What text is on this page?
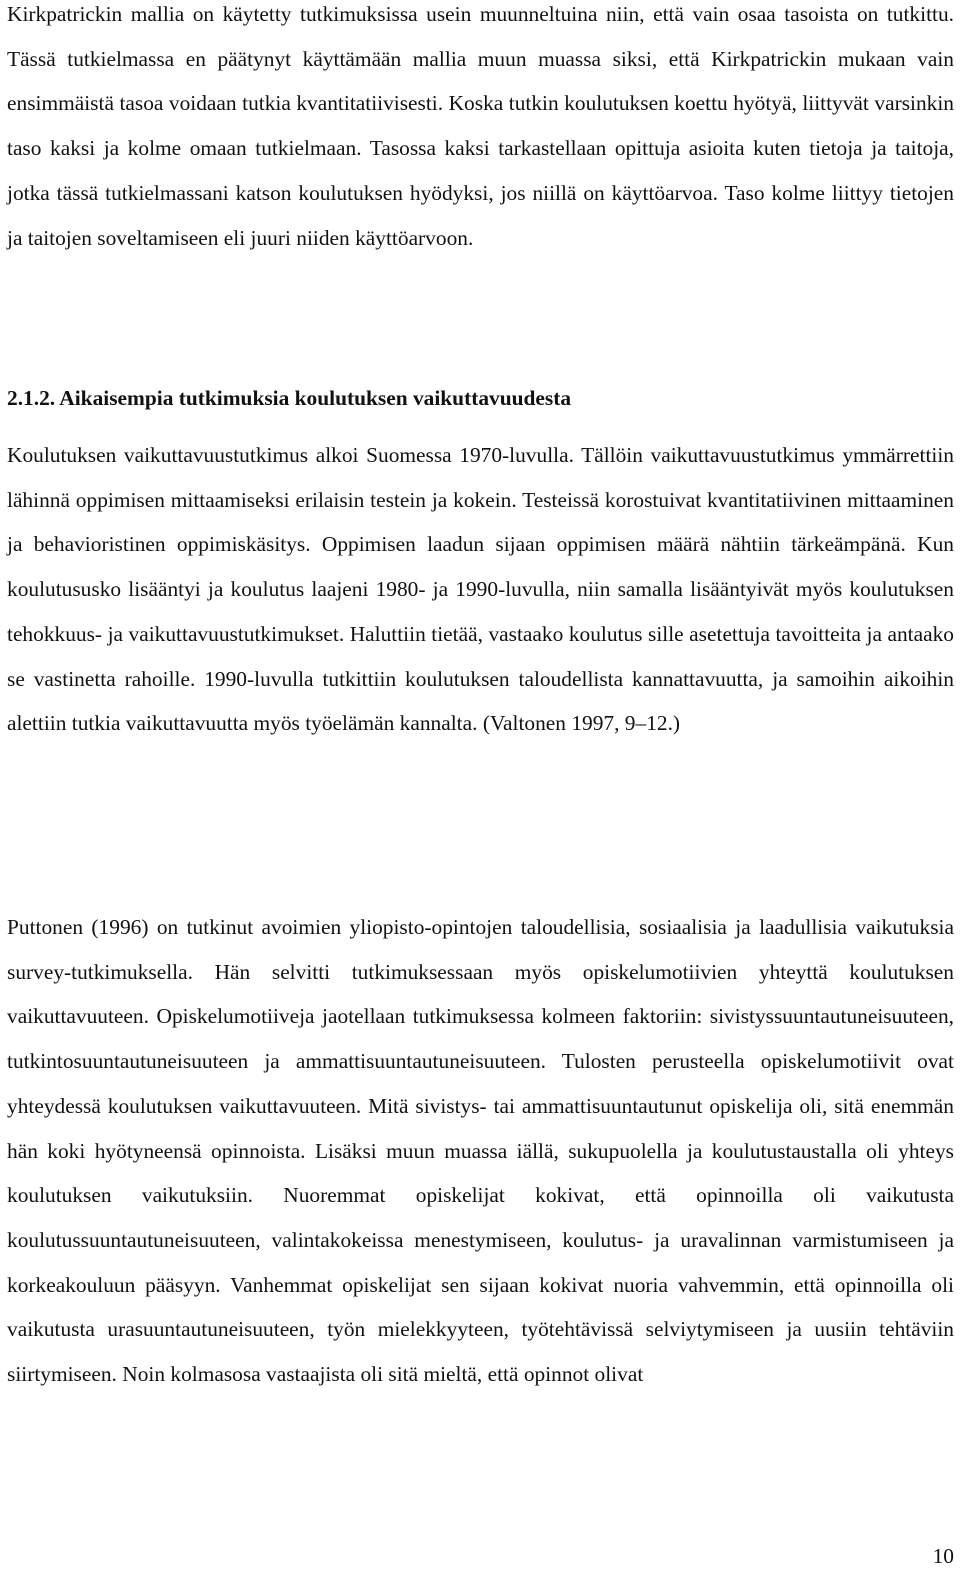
Kirkpatrickin mallia on käytetty tutkimuksissa usein muunneltuina niin, että vain osaa tasoista on tutkittu. Tässä tutkielmassa en päätynyt käyttämään mallia muun muassa siksi, että Kirkpatrickin mukaan vain ensimmäistä tasoa voidaan tutkia kvantitatiivisesti. Koska tutkin koulutuksen koettu hyötyä, liittyvät varsinkin taso kaksi ja kolme omaan tutkielmaan. Tasossa kaksi tarkastellaan opittuja asioita kuten tietoja ja taitoja, jotka tässä tutkielmassani katson koulutuksen hyödyksi, jos niillä on käyttöarvoa. Taso kolme liittyy tietojen ja taitojen soveltamiseen eli juuri niiden käyttöarvoon.

2.1.2. Aikaisempia tutkimuksia koulutuksen vaikuttavuudesta

Koulutuksen vaikuttavuustutkimus alkoi Suomessa 1970-luvulla. Tällöin vaikuttavuustutkimus ymmärrettiin lähinnä oppimisen mittaamiseksi erilaisin testein ja kokein. Testeissä korostuivat kvantitatiivinen mittaaminen ja behavioristinen oppimiskäsitys. Oppimisen laadun sijaan oppimisen määrä nähtiin tärkeämpänä. Kun koulutususko lisääntyi ja koulutus laajeni 1980- ja 1990-luvulla, niin samalla lisääntyivät myös koulutuksen tehokkuus- ja vaikuttavuustutkimukset. Haluttiin tietää, vastaako koulutus sille asetettuja tavoitteita ja antaako se vastinetta rahoille. 1990-luvulla tutkittiin koulutuksen taloudellista kannattavuutta, ja samoihin aikoihin alettiin tutkia vaikuttavuutta myös työelämän kannalta. (Valtonen 1997, 9–12.)

Puttonen (1996) on tutkinut avoimien yliopisto-opintojen taloudellisia, sosiaalisia ja laadullisia vaikutuksia survey-tutkimuksella. Hän selvitti tutkimuksessaan myös opiskelumotiivien yhteyttä koulutuksen vaikuttavuuteen. Opiskelumotiiveja jaotellaan tutkimuksessa kolmeen faktoriin: sivistyssuuntautuneisuuteen, tutkintosuuntautuneisuuteen ja ammattisuuntautuneisuuteen. Tulosten perusteella opiskelumotiivit ovat yhteydessä koulutuksen vaikuttavuuteen. Mitä sivistys- tai ammattisuuntautunut opiskelija oli, sitä enemmän hän koki hyötyneensä opinnoista. Lisäksi muun muassa iällä, sukupuolella ja koulutustaustalla oli yhteys koulutuksen vaikutuksiin. Nuoremmat opiskelijat kokivat, että opinnoilla oli vaikutusta koulutussuuntautuneisuuteen, valintakokeissa menestymiseen, koulutus- ja uravalinnan varmistumiseen ja korkeakouluun pääsyyn. Vanhemmat opiskelijat sen sijaan kokivat nuoria vahvemmin, että opinnoilla oli vaikutusta urasuuntautuneisuuteen, työn mielekkyyteen, työtehtävissä selviytymiseen ja uusiin tehtäviin siirtymiseen. Noin kolmasosa vastaajista oli sitä mieltä, että opinnot olivat

10
